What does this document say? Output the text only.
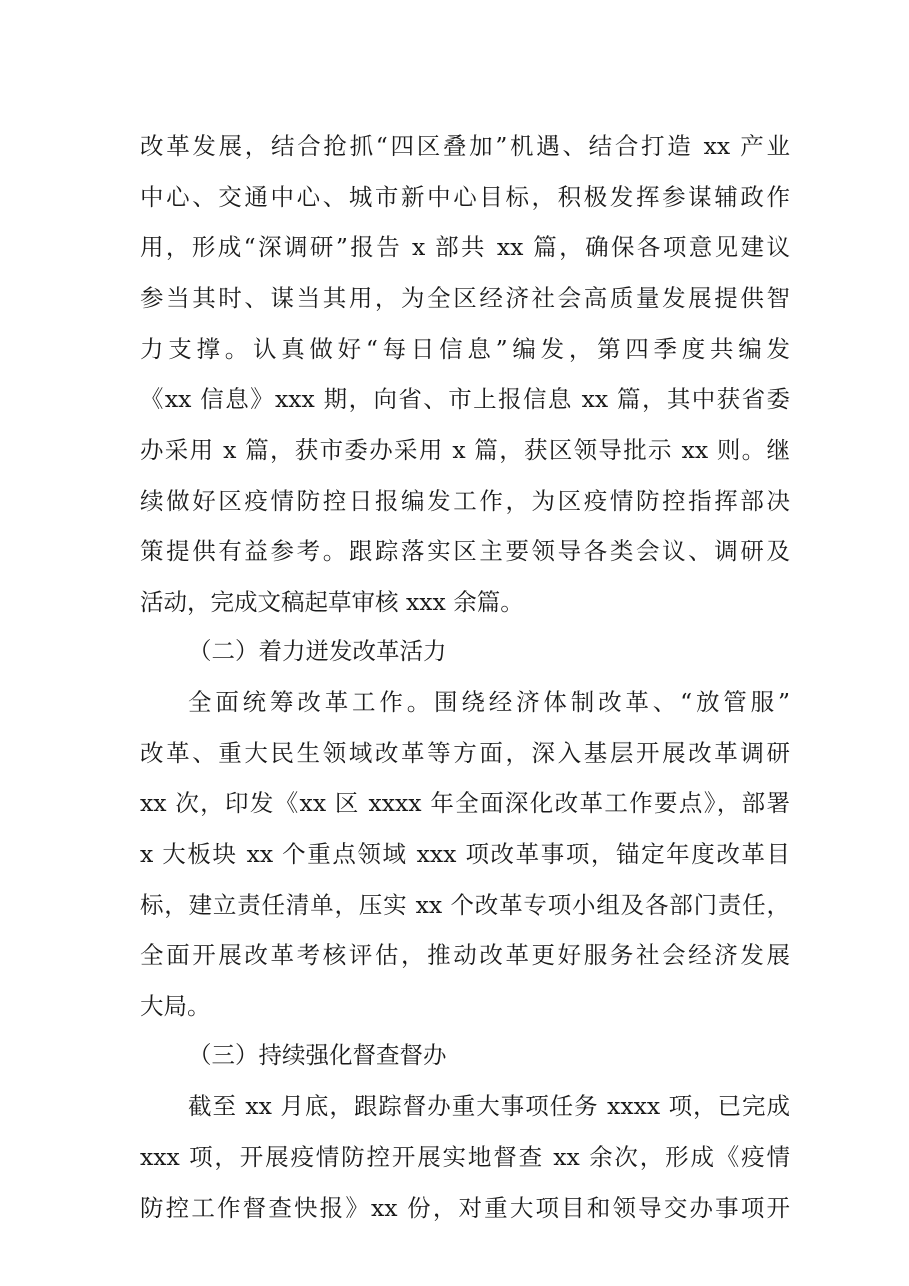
改革发展，结合抢抓“四区叠加”机遇、结合打造 xx 产业
中心、交通中心、城市新中心目标，积极发挥参谋辅政作
用，形成“深调研”报告 x 部共 xx 篇，确保各项意见建议
参当其时、谋当其用，为全区经济社会高质量发展提供智
力支撑。认真做好“每日信息”编发，第四季度共编发
《xx 信息》xxx 期，向省、市上报信息 xx 篇，其中获省委
办采用 x 篇，获市委办采用 x 篇，获区领导批示 xx 则。继
续做好区疫情防控日报编发工作，为区疫情防控指挥部决
策提供有益参考。跟踪落实区主要领导各类会议、调研及
活动，完成文稿起草审核 xxx 余篇。
（二）着力迸发改革活力
全面统筹改革工作。围绕经济体制改革、“放管服”
改革、重大民生领域改革等方面，深入基层开展改革调研
xx 次，印发《xx 区 xxxx 年全面深化改革工作要点》，部署
x 大板块 xx 个重点领域 xxx 项改革事项，锚定年度改革目
标，建立责任清单，压实 xx 个改革专项小组及各部门责任，
全面开展改革考核评估，推动改革更好服务社会经济发展
大局。
（三）持续强化督查督办
截至 xx 月底，跟踪督办重大事项任务 xxxx 项，已完成
xxx 项，开展疫情防控开展实地督查 xx 余次，形成《疫情
防控工作督查快报》xx 份，对重大项目和领导交办事项开
